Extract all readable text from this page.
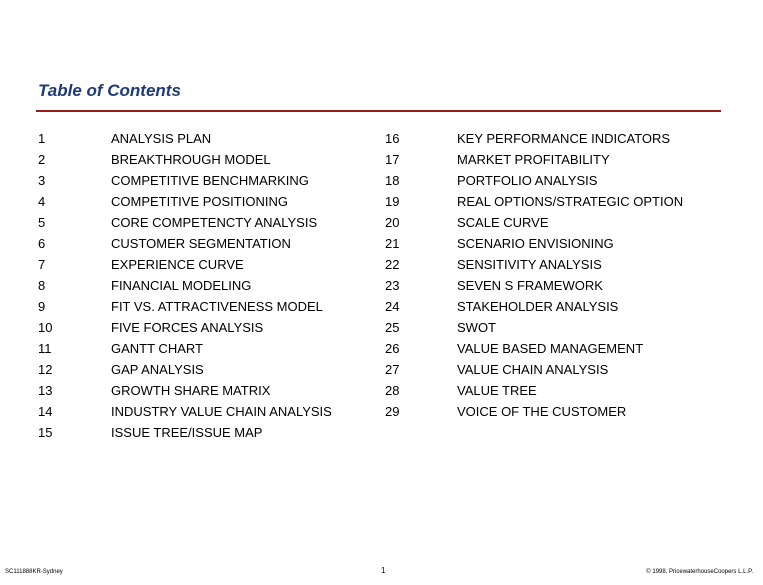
Table of Contents
1	ANALYSIS PLAN
2	BREAKTHROUGH MODEL
3	COMPETITIVE BENCHMARKING
4	COMPETITIVE POSITIONING
5	CORE COMPETENCTY ANALYSIS
6	CUSTOMER SEGMENTATION
7	EXPERIENCE CURVE
8	FINANCIAL MODELING
9	FIT VS. ATTRACTIVENESS MODEL
10	FIVE FORCES ANALYSIS
11	GANTT CHART
12	GAP ANALYSIS
13	GROWTH SHARE MATRIX
14	INDUSTRY VALUE CHAIN ANALYSIS
15	ISSUE TREE/ISSUE MAP
16	KEY PERFORMANCE INDICATORS
17	MARKET PROFITABILITY
18	PORTFOLIO ANALYSIS
19	REAL OPTIONS/STRATEGIC OPTION
20	SCALE CURVE
21	SCENARIO ENVISIONING
22	SENSITIVITY ANALYSIS
23	SEVEN S FRAMEWORK
24	STAKEHOLDER ANALYSIS
25	SWOT
26	VALUE BASED MANAGEMENT
27	VALUE CHAIN ANALYSIS
28	VALUE TREE
29	VOICE OF THE CUSTOMER
SC111888KR-Sydney	1	© 1998, PricewaterhouseCoopers L.L.P.
